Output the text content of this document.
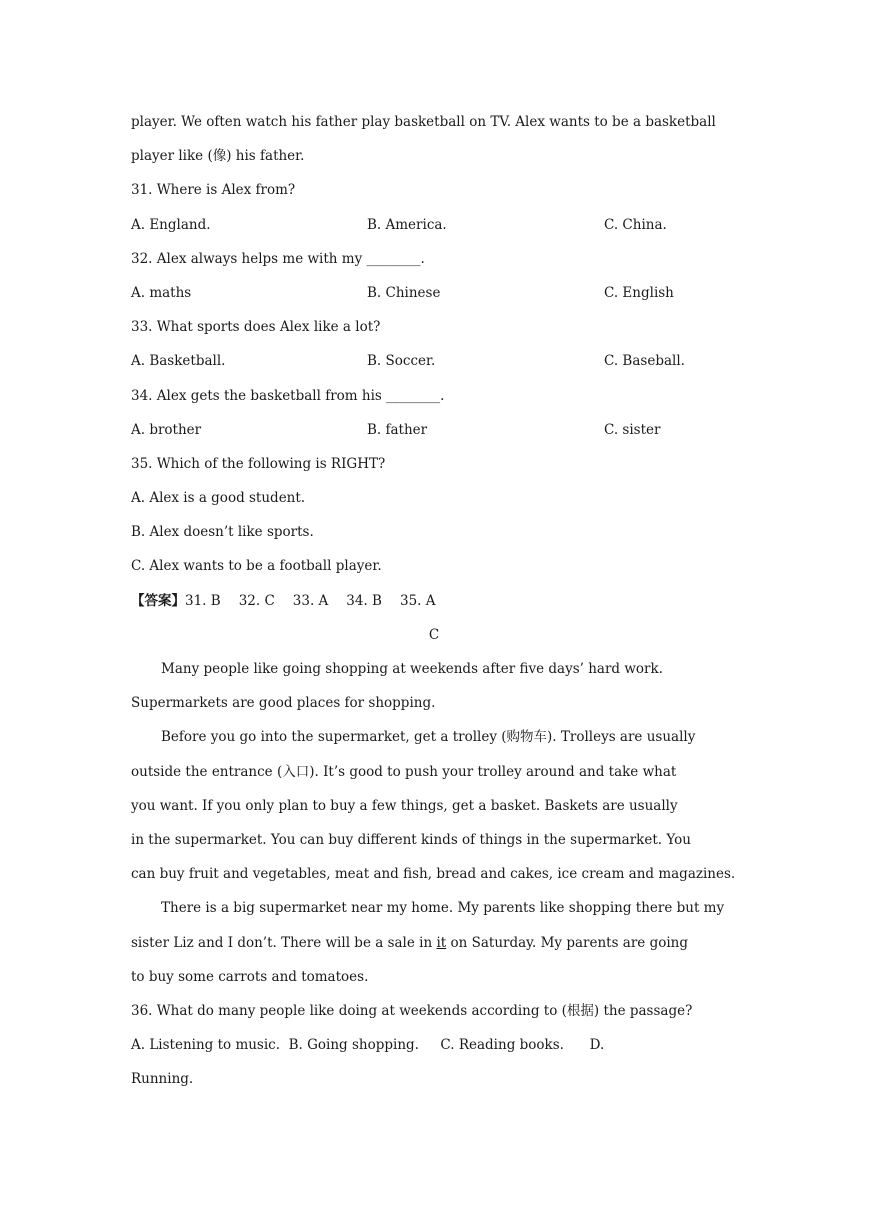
player. We often watch his father play basketball on TV. Alex wants to be a basketball
player like (像) his father.
31. Where is Alex from?
A. England.	B. America.	C. China.
32. Alex always helps me with my ________.
A. maths	B. Chinese	C. English
33. What sports does Alex like a lot?
A. Basketball.	B. Soccer.	C. Baseball.
34. Alex gets the basketball from his ________.
A. brother	B. father	C. sister
35. Which of the following is RIGHT?
A. Alex is a good student.
B. Alex doesn’t like sports.
C. Alex wants to be a football player.
【答案】31. B 32. C 33. A 34. B 35. A
C
Many people like going shopping at weekends after five days’ hard work.
Supermarkets are good places for shopping.
Before you go into the supermarket, get a trolley (购物车). Trolleys are usually
outside the entrance (入口). It’s good to push your trolley around and take what
you want. If you only plan to buy a few things, get a basket. Baskets are usually
in the supermarket. You can buy different kinds of things in the supermarket. You
can buy fruit and vegetables, meat and fish, bread and cakes, ice cream and magazines.
There is a big supermarket near my home. My parents like shopping there but my
sister Liz and I don’t. There will be a sale in it on Saturday. My parents are going
to buy some carrots and tomatoes.
36. What do many people like doing at weekends according to (根据) the passage?
A. Listening to music.  B. Going shopping.     C. Reading books.      D.
Running.
